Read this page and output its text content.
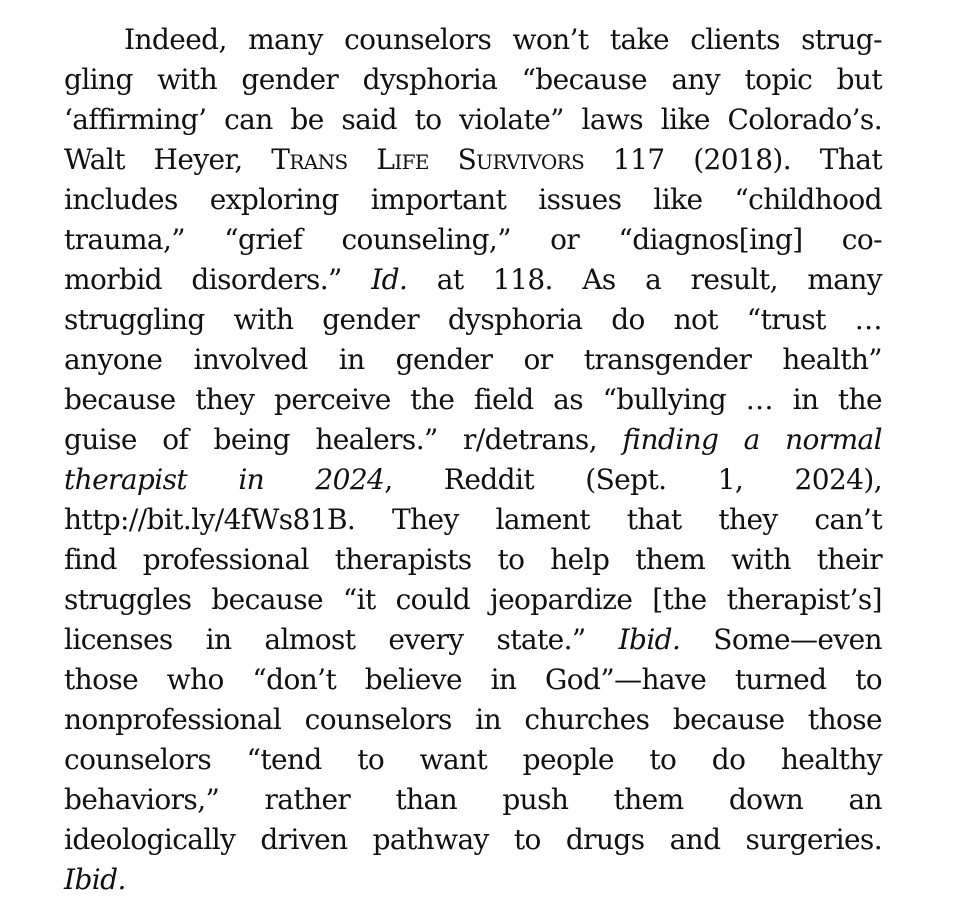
Indeed, many counselors won’t take clients strug-
gling with gender dysphoria “because any topic but
‘affirming’ can be said to violate” laws like Colorado’s.
Walt Heyer, Trans Life Survivors 117 (2018). That
includes exploring important issues like “childhood
trauma,” “grief counseling,” or “diagnos[ing] co-
morbid disorders.” Id. at 118. As a result, many
struggling with gender dysphoria do not “trust …
anyone involved in gender or transgender health”
because they perceive the field as “bullying … in the
guise of being healers.” r/detrans, finding a normal
therapist in 2024, Reddit (Sept. 1, 2024),
http://bit.ly/4fWs81B. They lament that they can’t
find professional therapists to help them with their
struggles because “it could jeopardize [the therapist’s]
licenses in almost every state.” Ibid. Some—even
those who “don’t believe in God”—have turned to
nonprofessional counselors in churches because those
counselors “tend to want people to do healthy
behaviors,” rather than push them down an
ideologically driven pathway to drugs and surgeries.
Ibid.
